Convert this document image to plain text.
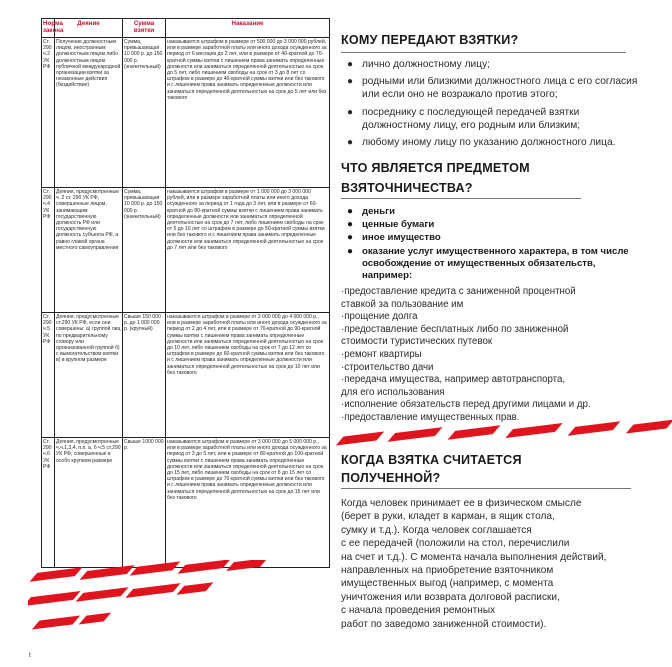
Норма закона	Деяние	Сумма взятки	Наказание
Ст. 290 ч.2 УК РФ	Получение должностным лицом, иностранным должностным лицом либо должностным лицом публичной международной организации взятки за незаконные действия (бездействие)	Сумма, превышающая 10 000 р. до 150 000 р. (значительный)	наказывается штрафом в размере от 500 000 до 3 000 000 рублей, или в размере заработной платы или иного дохода осужденного за период от 6 месяцев до 2 лет, или в размере от 40-кратной до 70-кратной суммы взятки с лишением права занимать определенные должности или заниматься определенной деятельностью на срок до 5 лет, либо лишением свободы на срок от 3 до 8 лет со штрафом в размере до 40-кратной суммы взятки или без такового и с лишением права занимать определенные должности или заниматься определенной деятельностью на срок до 5 лет или без такового
Ст. 290 ч.4 УК РФ	Деяния, предусмотренные ч. 2 ст. 290 УК РФ, совершенные лицом, занимающим государственную должность РФ или государственную должность субъекта РФ, а равно главой органа местного самоуправления	Сумма, превышающая 10 000 р. до 150 000 р. (значительный)	наказывается штрафом в размере от 1 000 000 до 3 000 000 рублей, или в размере заработной платы или иного дохода осужденного за период от 1 года до 3 лет, или в размере от 60-кратной до 80-кратной суммы взятки с лишением права занимать определенные должности или заниматься определенной деятельностью на срок до 7 лет, либо лишением свободы на срок от 5 до 10 лет со штрафом в размере до 50-кратной суммы взятки или без такового и с лишением права занимать определенные должности или заниматься определенной деятельностью на срок до 7 лет или без такового
Ст. 290 ч.5 УК РФ	Деяния, предусмотренные ст.290 УК РФ, если они совершены: а) группой лиц по предварительному сговору или организованной группой б) с вымогательством взятки в) в крупном размере	Свыше 150 000 р. до 1 000 000 р. (крупный)	наказываются штрафом в размере от 2 000 000 до 4 000 000 р., или в размере заработной платы или иного дохода осужденного за период от 2 до 4 лет, или в размере от 70-кратной до 90-кратной суммы взятки с лишением права занимать определенные должности или заниматься определенной деятельностью на срок до 10 лет, либо лишением свободы на срок от 7 до 12 лет со штрафом в размере до 60-кратной суммы взятки или без такового и с лишением права занимать определенные должности или заниматься определенной деятельностью на срок до 10 лет или без такового
Ст. 290 ч.6 УК РФ	Деяния, предусмотренные ч.ч.1,3,4, п.п. а, б ч.5 ст.290 УК РФ, совершенные в особо крупном размере	Свыше 1000 000 р.	наказываются штрафом в размере от 3 000 000 до 5 000 000 р., или в размере заработной платы или иного дохода осужденного за период от 3 до 5 лет, или в размере от 80-кратной до 100-кратной суммы взятки с лишением права занимать определенные должности или заниматься определенной деятельностью на срок до 15 лет, либо лишением свободы на срок от 8 до 15 лет со штрафом в размере до 70-кратной суммы взятки или без такового и с лишением права занимать определенные должности или заниматься определенной деятельностью на срок до 15 лет или без такового
КОМУ ПЕРЕДАЮТ ВЗЯТКИ?
● лично должностному лицу;
● родными или близкими должностного лица с его согласия или если оно не возражало против этого;
● посреднику с последующей передачей взятки должностному лицу, его родным или близким;
● любому иному лицу по указанию должностного лица.
ЧТО ЯВЛЯЕТСЯ ПРЕДМЕТОМ
ВЗЯТОЧНИЧЕСТВА?
● деньги
● ценные бумаги
● иное имущество
● оказание услуг имущественного характера, в том числе освобождение от имущественных обязательств, например:
·предоставление кредита с заниженной процентной
ставкой за пользование им
·прощение долга
·предоставление бесплатных либо по заниженной
стоимости туристических путевок
·ремонт квартиры
·строительство дачи
·передача имущества, например автотранспорта,
для его использования
·исполнение обязательств перед другими лицами и др.
·предоставление имущественных прав.
КОГДА ВЗЯТКА СЧИТАЕТСЯ
ПОЛУЧЕННОЙ?
Когда человек принимает ее в физическом смысле
(берет в руки, кладет в карман, в ящик стола,
сумку и т.д.). Когда человек соглашается
с ее передачей (положили на стол, перечислили
на счет и т.д.). С момента начала выполнения действий,
направленных на приобретение взяточником
имущественных выгод (например, с момента
уничтожения или возврата долговой расписки,
с начала проведения ремонтных
работ по заведомо заниженной стоимости).
t
